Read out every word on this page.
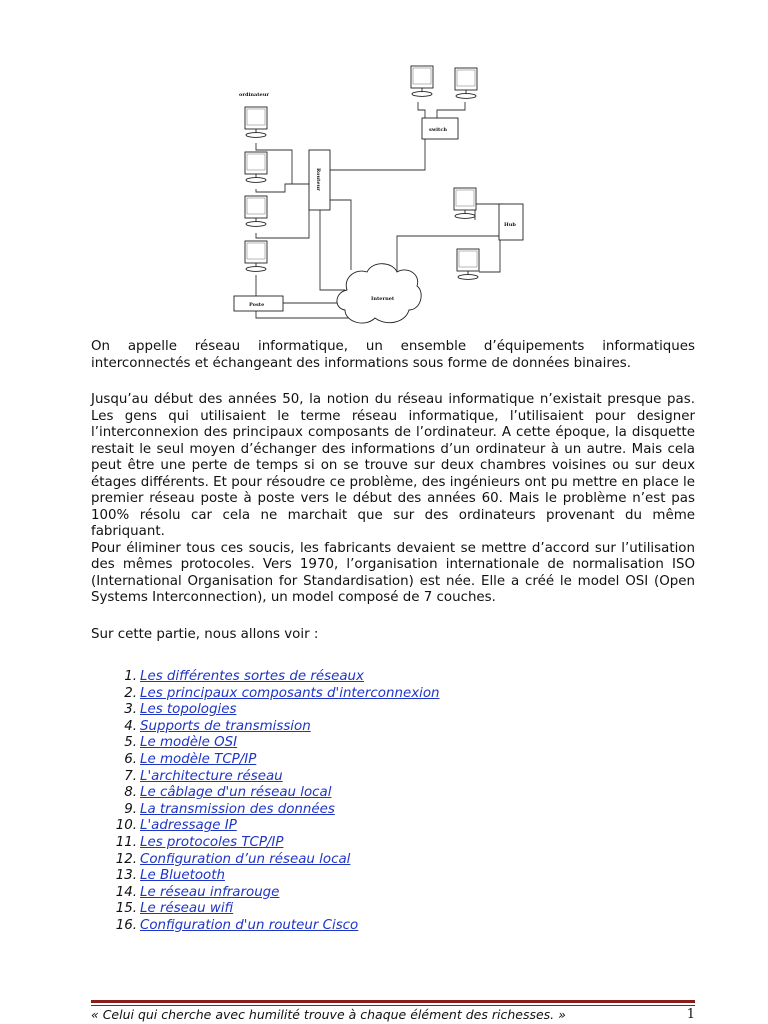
ordinateur
switch
Routeur
Hub
Poste
Internet

On appelle réseau informatique, un ensemble d’équipements informatiques interconnectés et échangeant des informations sous forme de données binaires.

Jusqu’au début des années 50, la notion du réseau informatique n’existait presque pas. Les gens qui utilisaient le terme réseau informatique, l’utilisaient pour designer l’interconnexion des principaux composants de l’ordinateur. A cette époque, la disquette restait le seul moyen d’échanger des informations d’un ordinateur à un autre. Mais cela peut être une perte de temps si on se trouve sur deux chambres voisines ou sur deux étages différents. Et pour résoudre ce problème, des ingénieurs ont pu mettre en place le premier réseau poste à poste vers le début des années 60. Mais le problème n’est pas 100% résolu car cela ne marchait que sur des ordinateurs provenant du même fabriquant.

Pour éliminer tous ces soucis, les fabricants devaient se mettre d’accord sur l’utilisation des mêmes protocoles. Vers 1970, l’organisation internationale de normalisation ISO (International Organisation for Standardisation) est née. Elle a créé le model OSI (Open Systems Interconnection), un model composé de 7 couches.

Sur cette partie, nous allons voir :

1. Les différentes sortes de réseaux
2. Les principaux composants d'interconnexion
3. Les topologies
4. Supports de transmission
5. Le modèle OSI
6. Le modèle TCP/IP
7. L'architecture réseau
8. Le câblage d'un réseau local
9. La transmission des données
10. L'adressage IP
11. Les protocoles TCP/IP
12. Configuration d’un réseau local
13. Le Bluetooth
14. Le réseau infrarouge
15. Le réseau wifi
16. Configuration d'un routeur Cisco
« Celui qui cherche avec humilité trouve à chaque élément des richesses. »	1
